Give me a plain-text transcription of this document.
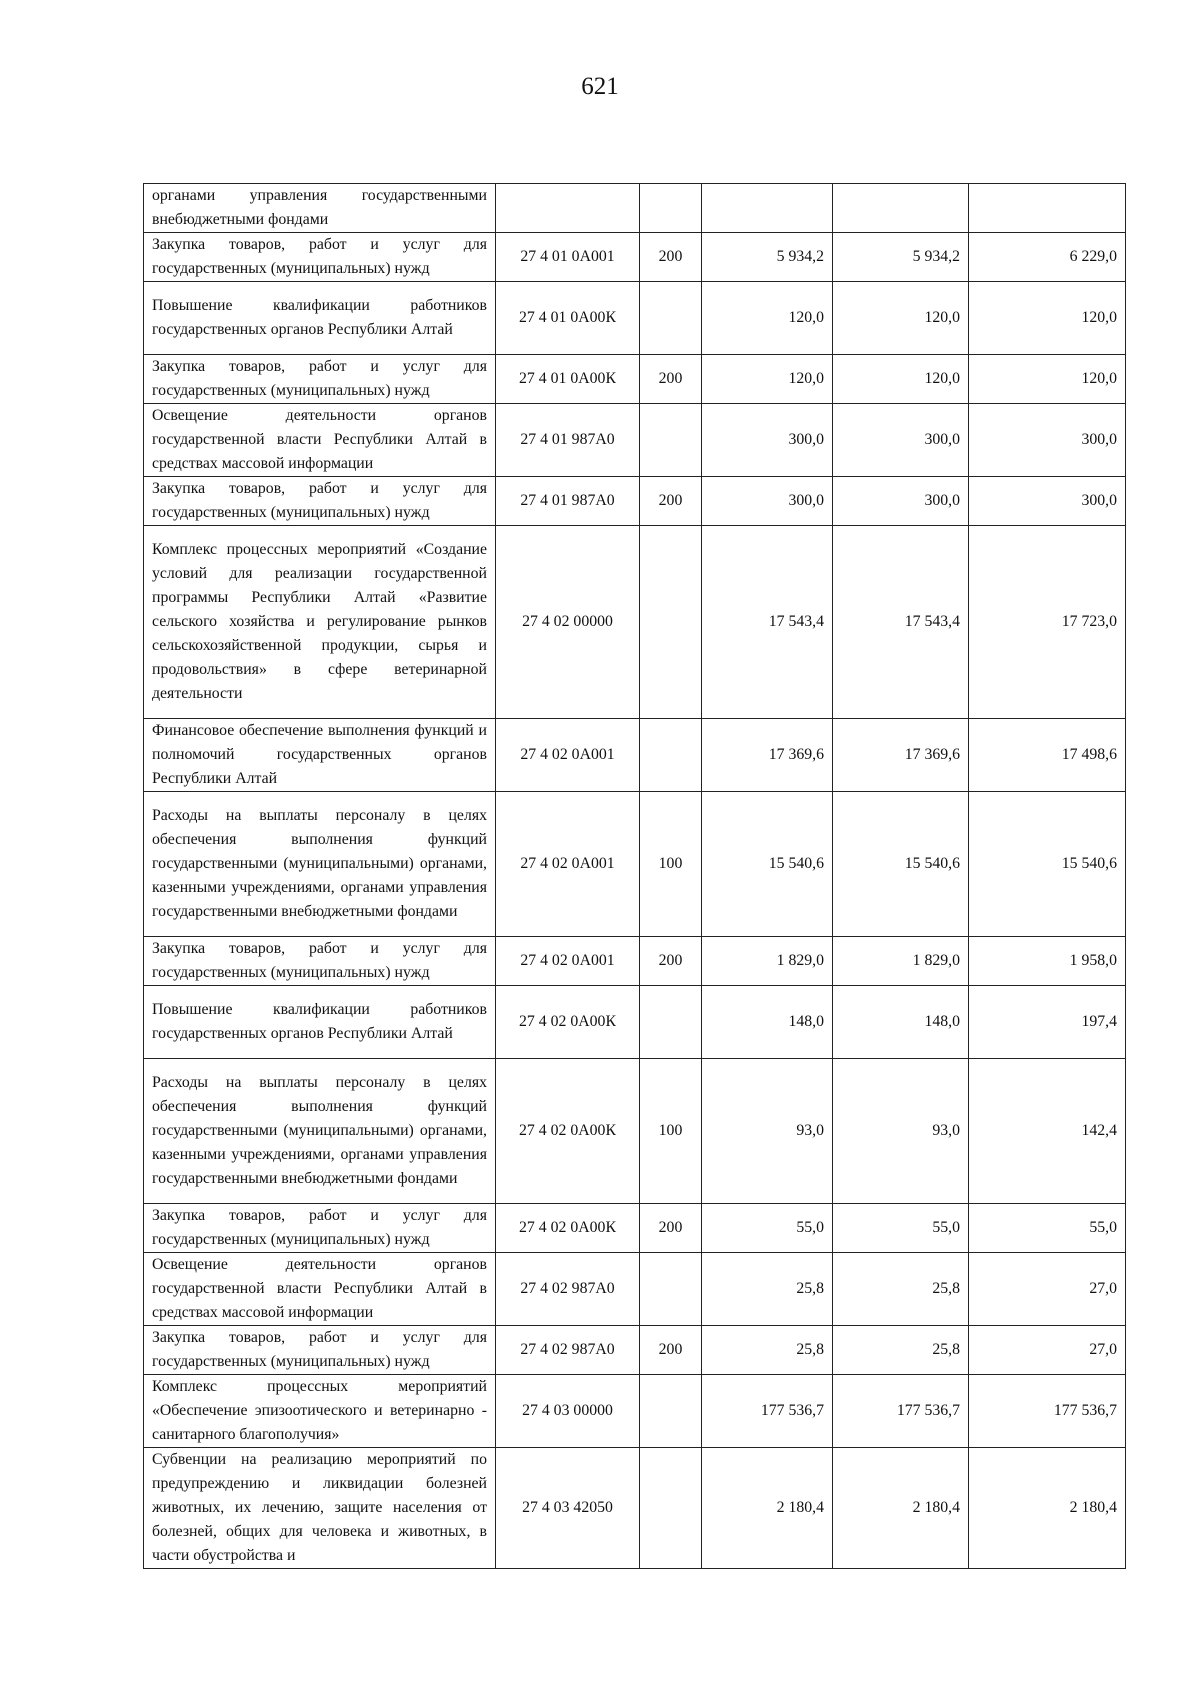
621
органами управления государственными внебюджетными фондами					
Закупка товаров, работ и услуг для государственных (муниципальных) нужд	27 4 01 0А001	200	5 934,2	5 934,2	6 229,0
Повышение квалификации работников государственных органов Республики Алтай	27 4 01 0А00К		120,0	120,0	120,0
Закупка товаров, работ и услуг для государственных (муниципальных) нужд	27 4 01 0А00К	200	120,0	120,0	120,0
Освещение деятельности органов государственной власти Республики Алтай в средствах массовой информации	27 4 01 987А0		300,0	300,0	300,0
Закупка товаров, работ и услуг для государственных (муниципальных) нужд	27 4 01 987А0	200	300,0	300,0	300,0
Комплекс процессных мероприятий «Создание условий для реализации государственной программы Республики Алтай «Развитие сельского хозяйства и регулирование рынков сельскохозяйственной продукции, сырья и продовольствия» в сфере ветеринарной деятельности	27 4 02 00000		17 543,4	17 543,4	17 723,0
Финансовое обеспечение выполнения функций и полномочий государственных органов Республики Алтай	27 4 02 0А001		17 369,6	17 369,6	17 498,6
Расходы на выплаты персоналу в целях обеспечения выполнения функций государственными (муниципальными) органами, казенными учреждениями, органами управления государственными внебюджетными фондами	27 4 02 0А001	100	15 540,6	15 540,6	15 540,6
Закупка товаров, работ и услуг для государственных (муниципальных) нужд	27 4 02 0А001	200	1 829,0	1 829,0	1 958,0
Повышение квалификации работников государственных органов Республики Алтай	27 4 02 0А00К		148,0	148,0	197,4
Расходы на выплаты персоналу в целях обеспечения выполнения функций государственными (муниципальными) органами, казенными учреждениями, органами управления государственными внебюджетными фондами	27 4 02 0А00К	100	93,0	93,0	142,4
Закупка товаров, работ и услуг для государственных (муниципальных) нужд	27 4 02 0А00К	200	55,0	55,0	55,0
Освещение деятельности органов государственной власти Республики Алтай в средствах массовой информации	27 4 02 987А0		25,8	25,8	27,0
Закупка товаров, работ и услуг для государственных (муниципальных) нужд	27 4 02 987А0	200	25,8	25,8	27,0
Комплекс процессных мероприятий «Обеспечение эпизоотического и ветеринарно - санитарного благополучия»	27 4 03 00000		177 536,7	177 536,7	177 536,7
Субвенции на реализацию мероприятий по предупреждению и ликвидации болезней животных, их лечению, защите населения от болезней, общих для человека и животных, в части обустройства и	27 4 03 42050		2 180,4	2 180,4	2 180,4
